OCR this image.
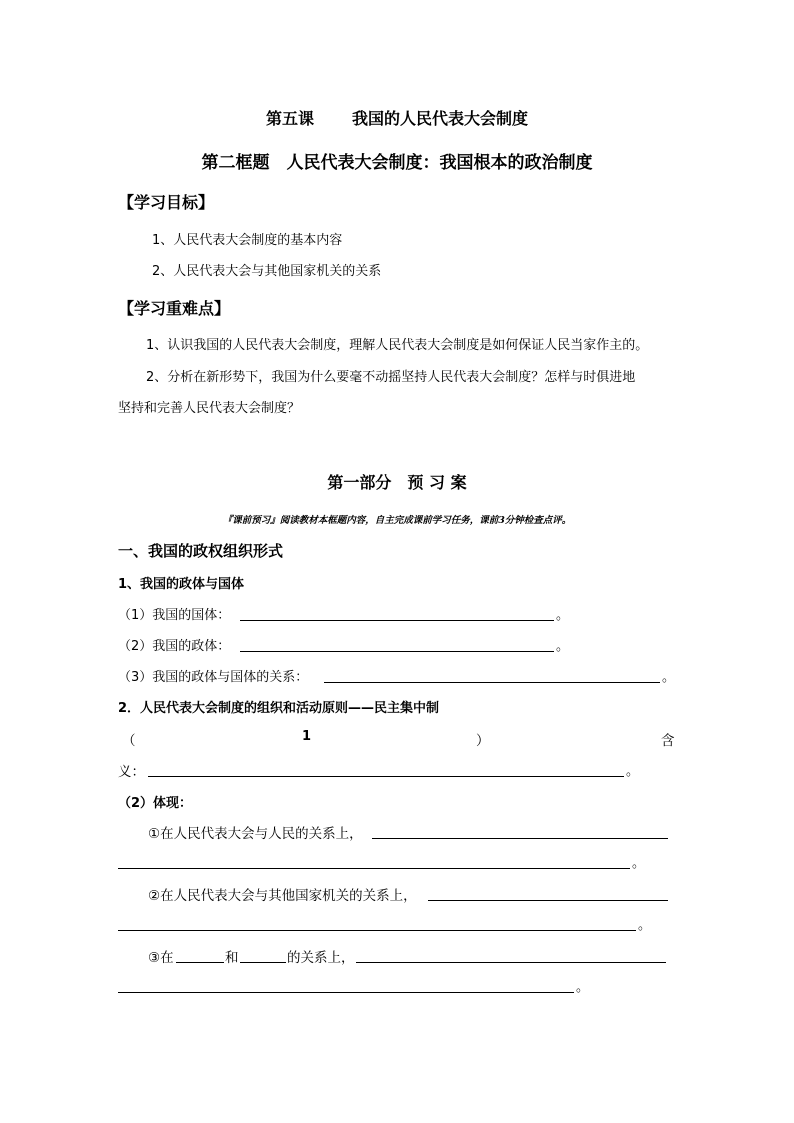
第五课 我国的人民代表大会制度
第二框题　人民代表大会制度：我国根本的政治制度
【学习目标】
1、人民代表大会制度的基本内容
2、人民代表大会与其他国家机关的关系
【学习重难点】
1、认识我国的人民代表大会制度，理解人民代表大会制度是如何保证人民当家作主的。
2、分析在新形势下，我国为什么要毫不动摇坚持人民代表大会制度？怎样与时俱进地
坚持和完善人民代表大会制度？
第一部分　预 习 案
『课前预习』阅读教材本框题内容，自主完成课前学习任务，课前3分钟检查点评。
一、我国的政权组织形式
1、我国的政体与国体
（1）我国的国体：	。
（2）我国的政体：	。
（3）我国的政体与国体的关系：	。
2．人民代表大会制度的组织和活动原则——民主集中制
（	1	）	含
义：	。
（2）体现：
①在人民代表大会与人民的关系上，
。
②在人民代表大会与其他国家机关的关系上，
。
③在	和	的关系上，
。
